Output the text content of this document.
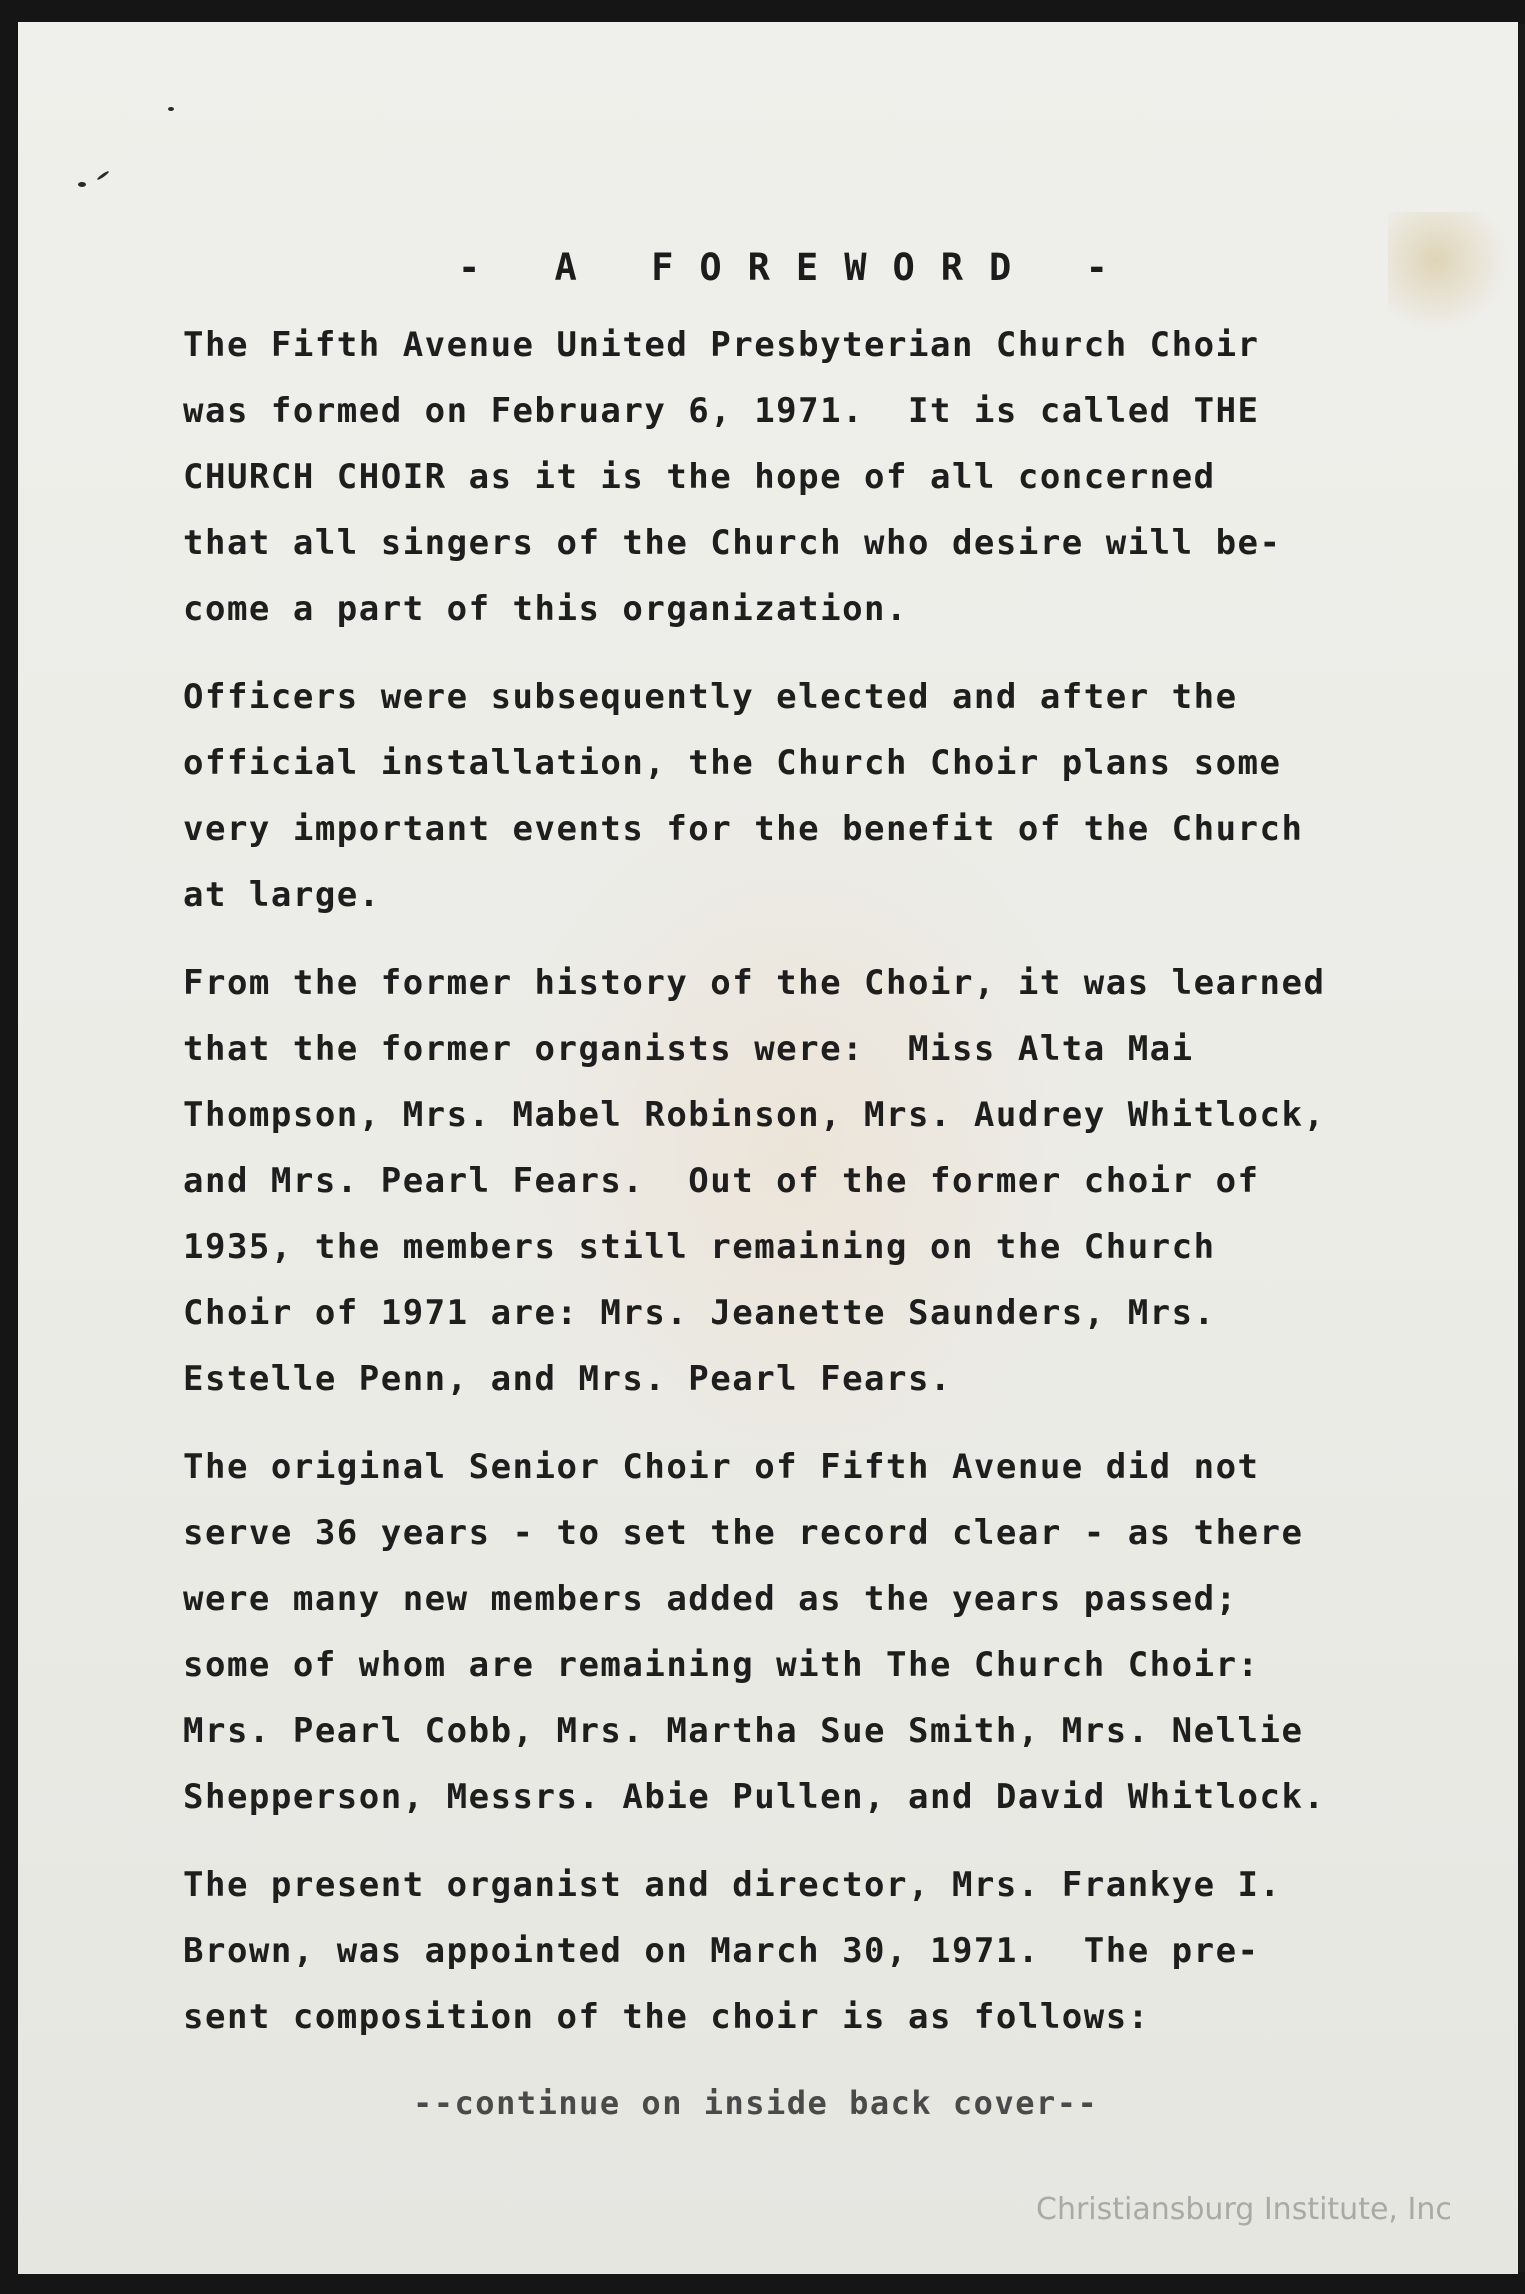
- A FOREWORD -
The Fifth Avenue United Presbyterian Church Choir
was formed on February 6, 1971.  It is called THE
CHURCH CHOIR as it is the hope of all concerned
that all singers of the Church who desire will be-
come a part of this organization.
Officers were subsequently elected and after the
official installation, the Church Choir plans some
very important events for the benefit of the Church
at large.
From the former history of the Choir, it was learned
that the former organists were:  Miss Alta Mai
Thompson, Mrs. Mabel Robinson, Mrs. Audrey Whitlock,
and Mrs. Pearl Fears.  Out of the former choir of
1935, the members still remaining on the Church
Choir of 1971 are: Mrs. Jeanette Saunders, Mrs.
Estelle Penn, and Mrs. Pearl Fears.
The original Senior Choir of Fifth Avenue did not
serve 36 years - to set the record clear - as there
were many new members added as the years passed;
some of whom are remaining with The Church Choir:
Mrs. Pearl Cobb, Mrs. Martha Sue Smith, Mrs. Nellie
Shepperson, Messrs. Abie Pullen, and David Whitlock.
The present organist and director, Mrs. Frankye I.
Brown, was appointed on March 30, 1971.  The pre-
sent composition of the choir is as follows:
--continue on inside back cover--
Christiansburg Institute, Inc
